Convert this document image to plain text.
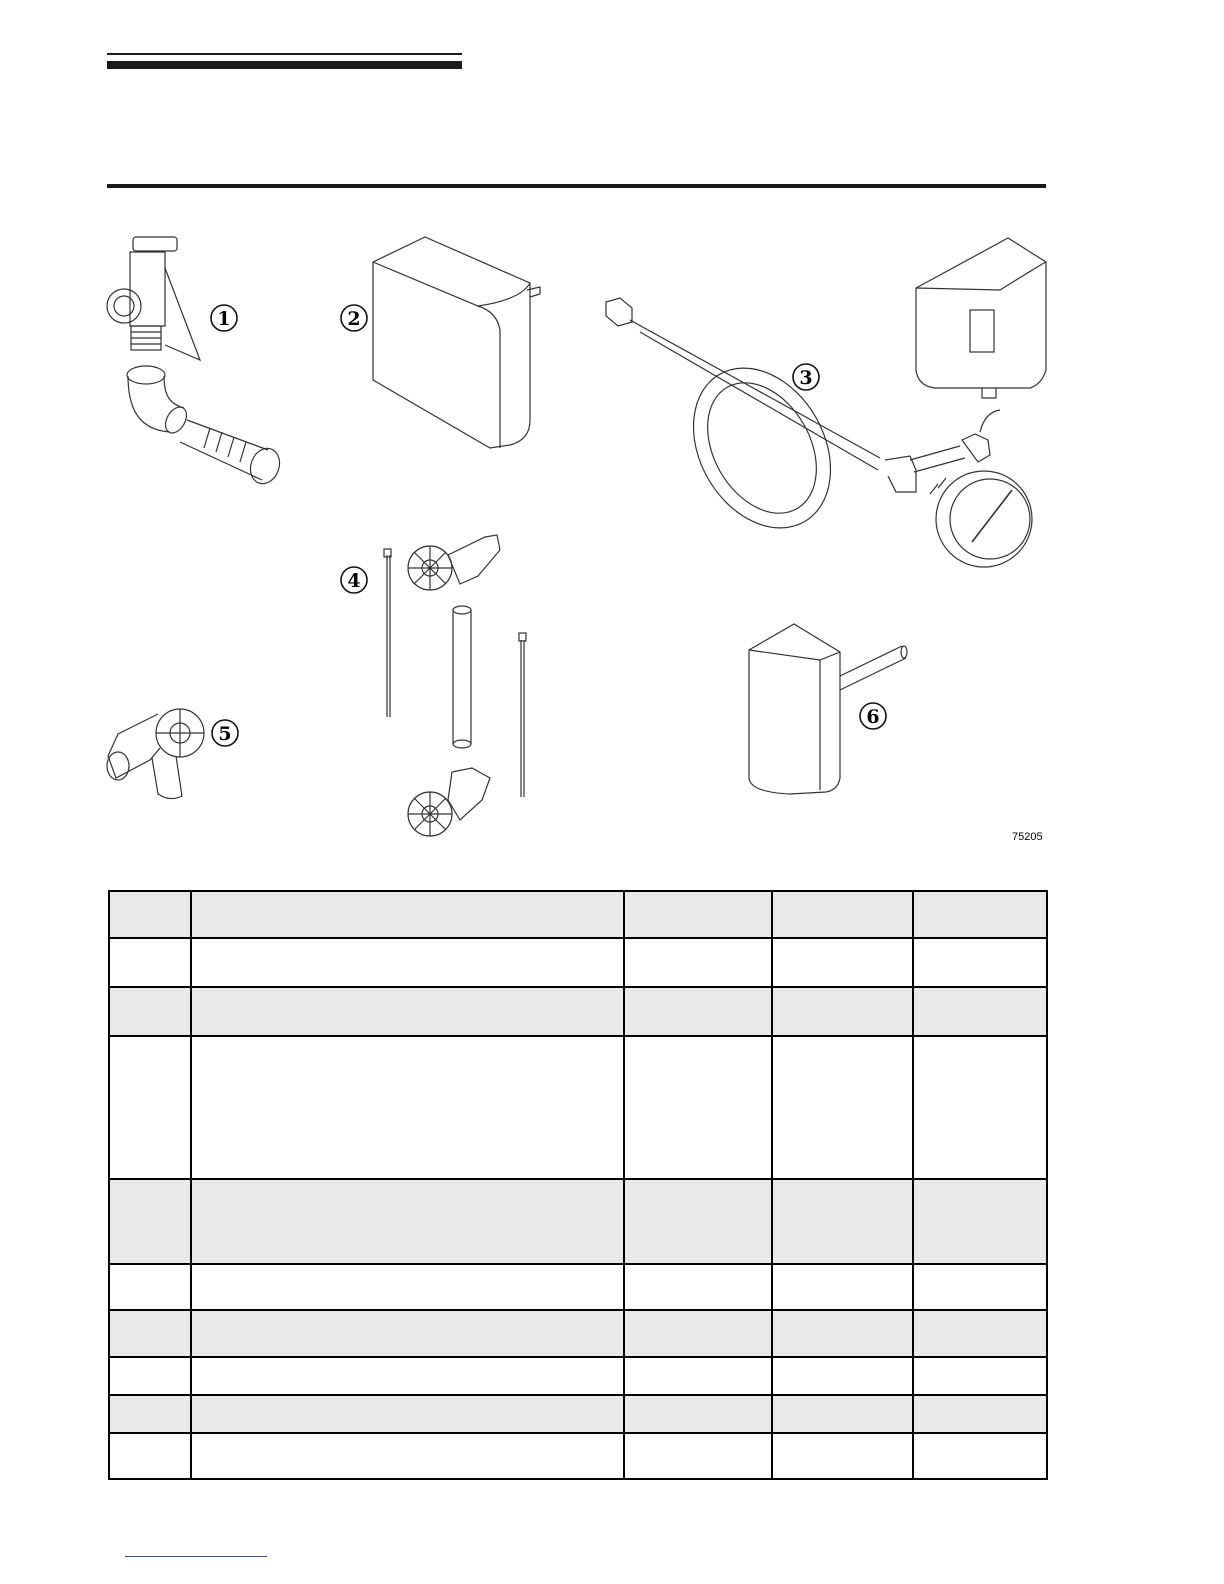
1	2
3
4
5
6
75205
